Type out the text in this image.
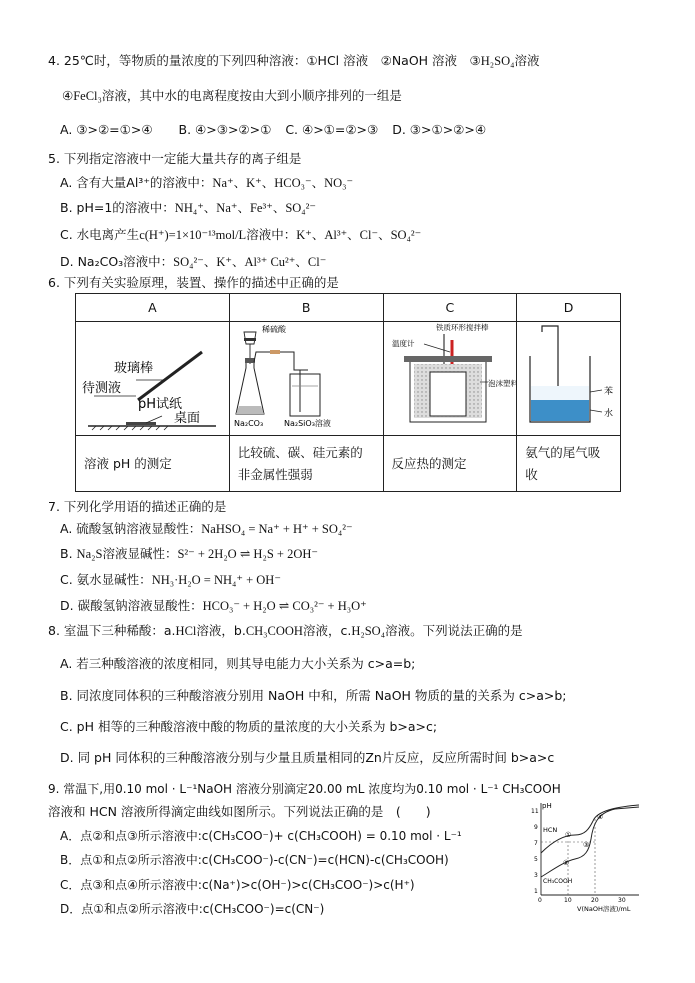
4. 25℃时，等物质的量浓度的下列四种溶液：①HCl 溶液　②NaOH 溶液　③H₂SO₄溶液
④FeCl₃溶液，其中水的电离程度按由大到小顺序排列的一组是
A. ③>②=①>④ B. ④>③>②>① C. ④>①=②>③ D. ③>①>②>④
5. 下列指定溶液中一定能大量共存的离子组是
A. 含有大量Al³⁺的溶液中：Na⁺、K⁺、HCO₃⁻、NO₃⁻
B. pH=1的溶液中：NH₄⁺、Na⁺、Fe³⁺、SO₄²⁻
C. 水电离产生c(H⁺)=1×10⁻¹³mol/L溶液中：K⁺、Al³⁺、Cl⁻、SO₄²⁻
D. Na₂CO₃溶液中：SO₄²⁻、K⁺、Al³⁺ Cu²⁺、Cl⁻
6. 下列有关实验原理，装置、操作的描述中正确的是
A	B	C	D

玻璃棒
待测液
pH试纸
桌面	稀硫酸
Na₂CO₃ Na₂SiO₃溶液	铁质环形搅拌棒
温度计
泡沫塑料	苯
水

溶液 pH 的测定	比较硫、碳、硅元素的非金属性强弱	反应热的测定	氨气的尾气吸收
7. 下列化学用语的描述正确的是
A. 硫酸氢钠溶液显酸性：NaHSO₄ = Na⁺ + H⁺ + SO₄²⁻
B. Na₂S溶液显碱性：S²⁻ + 2H₂O ⇌ H₂S + 2OH⁻
C. 氨水显碱性：NH₃·H₂O = NH₄⁺ + OH⁻
D. 碳酸氢钠溶液显酸性：HCO₃⁻ + H₂O ⇌ CO₃²⁻ + H₃O⁺
8. 室温下三种稀酸：a.HCl溶液，b.CH₃COOH溶液，c.H₂SO₄溶液。下列说法正确的是
A. 若三种酸溶液的浓度相同，则其导电能力大小关系为 c>a=b;
B. 同浓度同体积的三种酸溶液分别用 NaOH 中和，所需 NaOH 物质的量的关系为 c>a>b;
C. pH 相等的三种酸溶液中酸的物质的量浓度的大小关系为 b>a>c;
D. 同 pH 同体积的三种酸溶液分别与少量且质量相同的Zn片反应，反应所需时间 b>a>c
9. 常温下,用0.10 mol · L⁻¹NaOH 溶液分别滴定20.00 mL 浓度均为0.10 mol · L⁻¹ CH₃COOH
溶液和 HCN 溶液所得滴定曲线如图所示。下列说法正确的是　(　　)
A．点②和点③所示溶液中:c(CH₃COO⁻)+ c(CH₃COOH) = 0.10 mol · L⁻¹
B．点①和点②所示溶液中:c(CH₃COO⁻)-c(CN⁻)=c(HCN)-c(CH₃COOH)
C．点③和点④所示溶液中:c(Na⁺)>c(OH⁻)>c(CH₃COO⁻)>c(H⁺)
D．点①和点②所示溶液中:c(CH₃COO⁻)=c(CN⁻)
pH
11
9
7
5
3
1
0	10	20	30
V(NaOH溶液)/mL
HCN
CH₃COOH
①
②
③
④
